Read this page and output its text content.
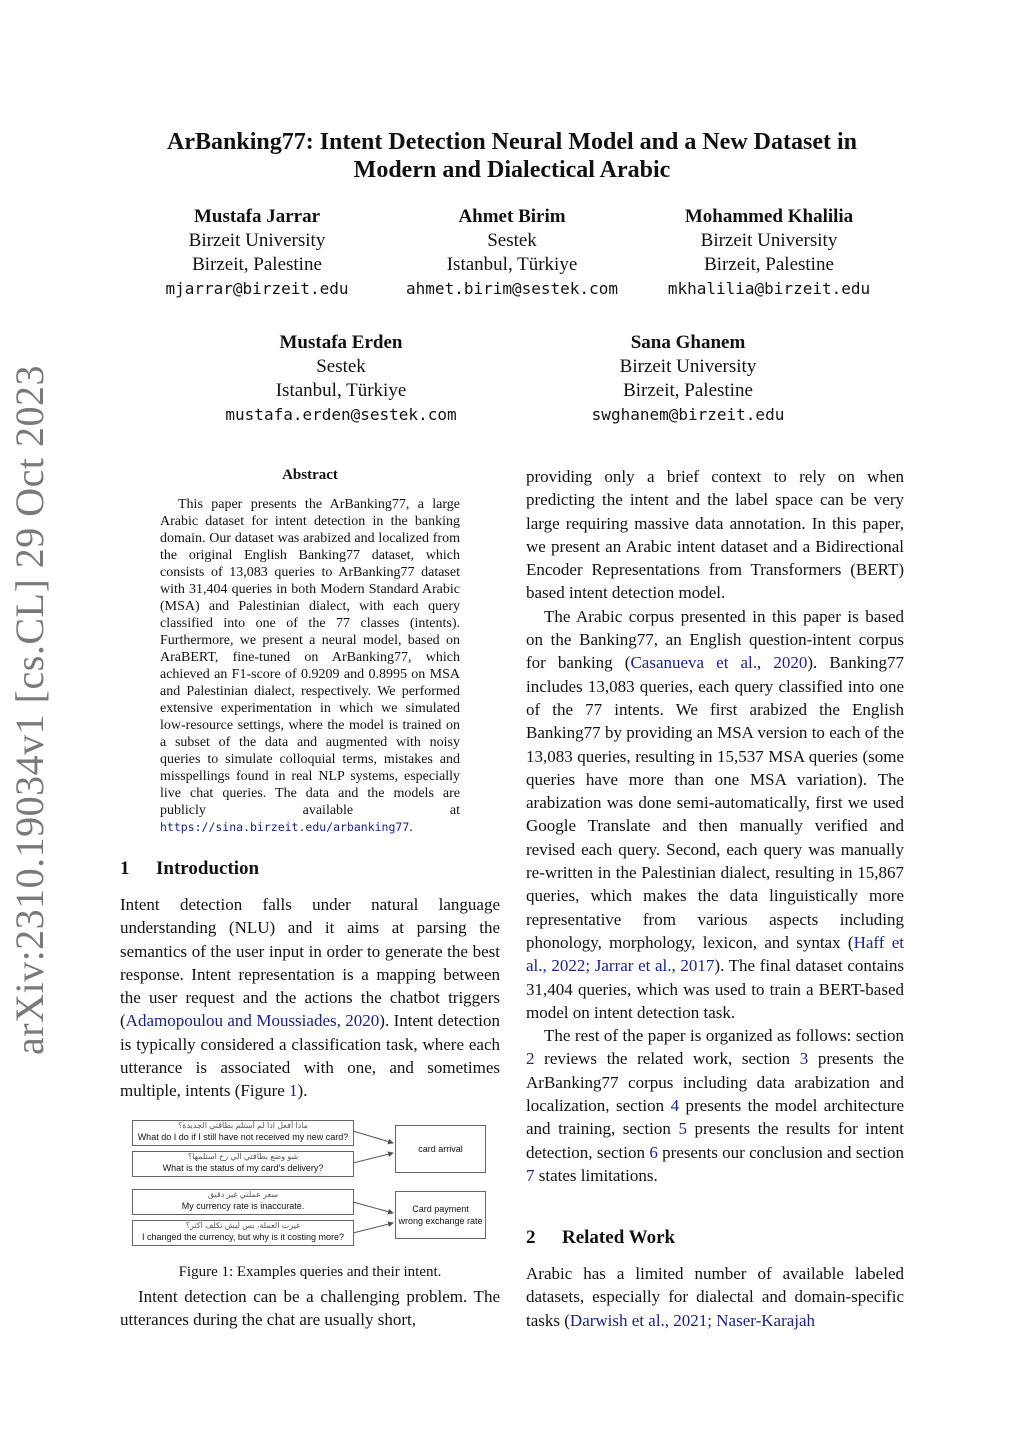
arXiv:2310.19034v1 [cs.CL] 29 Oct 2023
ArBanking77: Intent Detection Neural Model and a New Dataset in
Modern and Dialectical Arabic
Mustafa Jarrar
Birzeit University
Birzeit, Palestine
mjarrar@birzeit.edu
Ahmet Birim
Sestek
Istanbul, Türkiye
ahmet.birim@sestek.com
Mohammed Khalilia
Birzeit University
Birzeit, Palestine
mkhalilia@birzeit.edu
Mustafa Erden
Sestek
Istanbul, Türkiye
mustafa.erden@sestek.com
Sana Ghanem
Birzeit University
Birzeit, Palestine
swghanem@birzeit.edu
Abstract
This paper presents the ArBanking77, a large Arabic dataset for intent detection in the banking domain. Our dataset was arabized and localized from the original English Banking77 dataset, which consists of 13,083 queries to ArBanking77 dataset with 31,404 queries in both Modern Standard Arabic (MSA) and Palestinian dialect, with each query classified into one of the 77 classes (intents). Furthermore, we present a neural model, based on AraBERT, fine-tuned on ArBanking77, which achieved an F1-score of 0.9209 and 0.8995 on MSA and Palestinian dialect, respectively. We performed extensive experimentation in which we simulated low-resource settings, where the model is trained on a subset of the data and augmented with noisy queries to simulate colloquial terms, mistakes and misspellings found in real NLP systems, especially live chat queries. The data and the models are publicly available at https://sina.birzeit.edu/arbanking77.
1 Introduction

Intent detection falls under natural language understanding (NLU) and it aims at parsing the semantics of the user input in order to generate the best response. Intent representation is a mapping between the user request and the actions the chatbot triggers (Adamopoulou and Moussiades, 2020). Intent detection is typically considered a classification task, where each utterance is associated with one, and sometimes multiple, intents (Figure 1).

ماذا أفعل اذا لم أستلم بطاقتي الجديدة؟
What do I do if I still have not received my new card?
شو وضع بطاقتي الي رح استلمها؟
What is the status of my card's delivery?
سعر عملتي غير دقيق
My currency rate is inaccurate.
غيرت العملة، بس ليش تكلف اكثر؟
I changed the currency, but why is it costing more?
card arrival
Card payment
wrong exchange rate
Figure 1: Examples queries and their intent.

Intent detection can be a challenging problem. The utterances during the chat are usually short,

providing only a brief context to rely on when predicting the intent and the label space can be very large requiring massive data annotation. In this paper, we present an Arabic intent dataset and a Bidirectional Encoder Representations from Transformers (BERT) based intent detection model.

The Arabic corpus presented in this paper is based on the Banking77, an English question-intent corpus for banking (Casanueva et al., 2020). Banking77 includes 13,083 queries, each query classified into one of the 77 intents. We first arabized the English Banking77 by providing an MSA version to each of the 13,083 queries, resulting in 15,537 MSA queries (some queries have more than one MSA variation). The arabization was done semi-automatically, first we used Google Translate and then manually verified and revised each query. Second, each query was manually re-written in the Palestinian dialect, resulting in 15,867 queries, which makes the data linguistically more representative from various aspects including phonology, morphology, lexicon, and syntax (Haff et al., 2022; Jarrar et al., 2017). The final dataset contains 31,404 queries, which was used to train a BERT-based model on intent detection task.

The rest of the paper is organized as follows: section 2 reviews the related work, section 3 presents the ArBanking77 corpus including data arabization and localization, section 4 presents the model architecture and training, section 5 presents the results for intent detection, section 6 presents our conclusion and section 7 states limitations.

2 Related Work

Arabic has a limited number of available labeled datasets, especially for dialectal and domain-specific tasks (Darwish et al., 2021; Naser-Karajah
